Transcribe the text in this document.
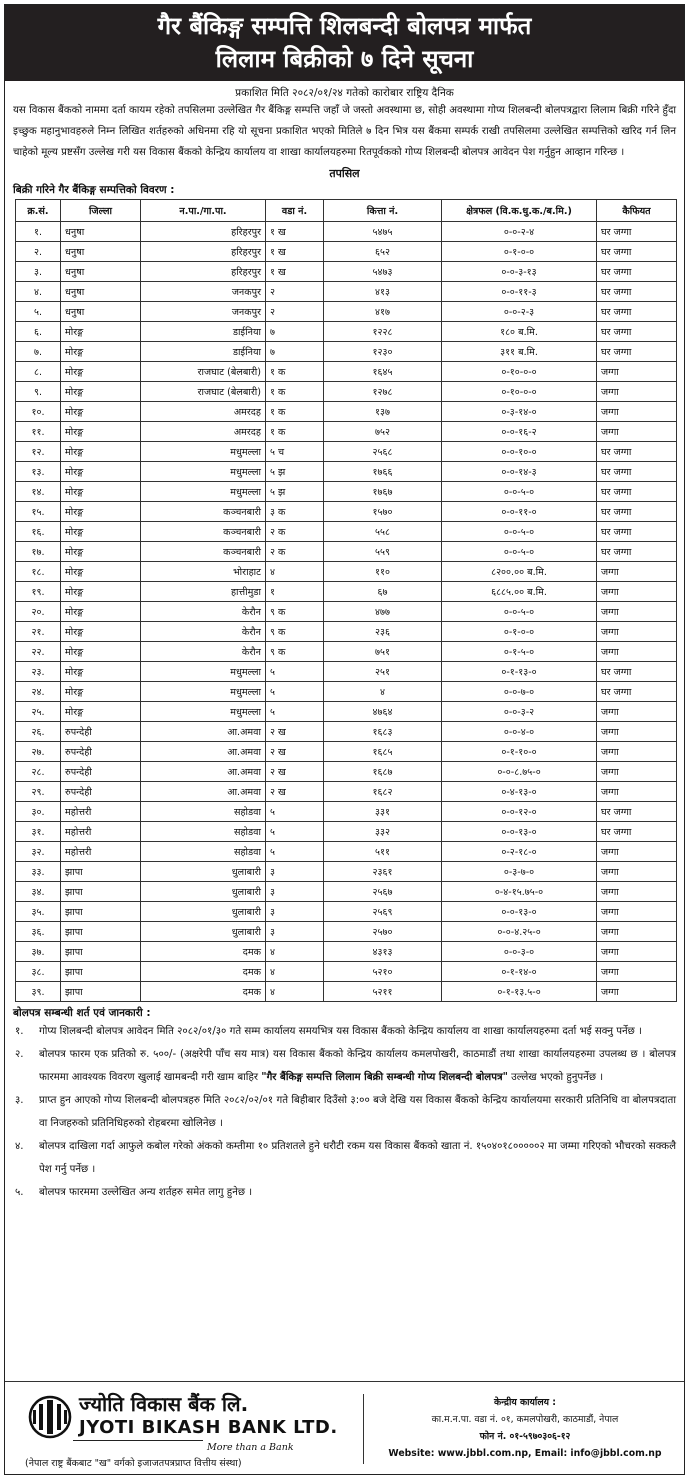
गैर बैंकिङ्ग सम्पत्ति शिलबन्दी बोलपत्र मार्फत
लिलाम बिक्रीको ७ दिने सूचना
प्रकाशित मिति २०८२/०१/२४ गतेको कारोबार राष्ट्रिय दैनिक
यस विकास बैंकको नाममा दर्ता कायम रहेको तपसिलमा उल्लेखित गैर बैंकिङ्ग सम्पत्ति जहाँ जे जस्तो अवस्थामा छ, सोही अवस्थामा गोप्य शिलबन्दी बोलपत्रद्वारा लिलाम बिक्री गरिने हुँदा इच्छुक महानुभावहरुले निम्न लिखित शर्तहरुको अधिनमा रहि यो सूचना प्रकाशित भएको मितिले ७ दिन भित्र यस बैंकमा सम्पर्क राखी तपसिलमा उल्लेखित सम्पत्तिको खरिद गर्न लिन चाहेको मूल्य प्रष्टसँग उल्लेख गरी यस विकास बैंकको केन्द्रिय कार्यालय वा शाखा कार्यालयहरुमा रितपूर्वकको गोप्य शिलबन्दी बोलपत्र आवेदन पेश गर्नुहुन आव्हान गरिन्छ ।
तपसिल
बिक्री गरिने गैर बैंकिङ्ग सम्पत्तिको विवरण :
क्र.सं.	जिल्ला	न.पा./गा.पा.	वडा नं.	कित्ता नं.	क्षेत्रफल (वि.क.धु.क./ब.मि.)	कैफियत
१.	धनुषा	हरिहरपुर	१ ख	५४७५	०-०-२-४	घर जग्गा
२.	धनुषा	हरिहरपुर	१ ख	६५२	०-१-०-०	घर जग्गा
३.	धनुषा	हरिहरपुर	१ ख	५४७३	०-०-३-१३	घर जग्गा
४.	धनुषा	जनकपुर	२	४१३	०-०-११-३	घर जग्गा
५.	धनुषा	जनकपुर	२	४१७	०-०-२-३	घर जग्गा
६.	मोरङ्ग	डाईनिया	७	१२२८	१८० ब.मि.	घर जग्गा
७.	मोरङ्ग	डाईनिया	७	१२३०	३११ ब.मि.	घर जग्गा
८.	मोरङ्ग	राजघाट (बेलबारी)	१ क	१६४५	०-१०-०-०	जग्गा
९.	मोरङ्ग	राजघाट (बेलबारी)	१ क	१२७८	०-१०-०-०	जग्गा
१०.	मोरङ्ग	अमरदह	१ क	१३७	०-३-१४-०	जग्गा
११.	मोरङ्ग	अमरदह	१ क	७५२	०-०-१६-२	जग्गा
१२.	मोरङ्ग	मधुमल्ला	५ च	२५६८	०-०-१०-०	घर जग्गा
१३.	मोरङ्ग	मधुमल्ला	५ झ	१७६६	०-०-१४-३	घर जग्गा
१४.	मोरङ्ग	मधुमल्ला	५ झ	१७६७	०-०-५-०	घर जग्गा
१५.	मोरङ्ग	कञ्चनबारी	३ क	१५७०	०-०-११-०	घर जग्गा
१६.	मोरङ्ग	कञ्चनबारी	२ क	५५८	०-०-५-०	घर जग्गा
१७.	मोरङ्ग	कञ्चनबारी	२ क	५५९	०-०-५-०	घर जग्गा
१८.	मोरङ्ग	भोराहाट	४	११०	८२००.०० ब.मि.	जग्गा
१९.	मोरङ्ग	हात्तीमुडा	१	६७	६८८५.०० ब.मि.	जग्गा
२०.	मोरङ्ग	केरौन	९ क	४७७	०-०-५-०	जग्गा
२१.	मोरङ्ग	केरौन	९ क	२३६	०-१-०-०	जग्गा
२२.	मोरङ्ग	केरौन	९ क	७५१	०-१-५-०	जग्गा
२३.	मोरङ्ग	मधुमल्ला	५	२५१	०-१-१३-०	घर जग्गा
२४.	मोरङ्ग	मधुमल्ला	५	४	०-०-७-०	घर जग्गा
२५.	मोरङ्ग	मधुमल्ला	५	४७६४	०-०-३-२	जग्गा
२६.	रुपन्देही	आ.अमवा	२ ख	१६८३	०-०-४-०	जग्गा
२७.	रुपन्देही	आ.अमवा	२ ख	१६८५	०-१-१०-०	जग्गा
२८.	रुपन्देही	आ.अमवा	२ ख	१६८७	०-०-८.७५-०	जग्गा
२९.	रुपन्देही	आ.अमवा	२ ख	१६८२	०-४-१३-०	जग्गा
३०.	महोत्तरी	सहोडवा	५	३३१	०-०-१२-०	घर जग्गा
३१.	महोत्तरी	सहोडवा	५	३३२	०-०-१३-०	घर जग्गा
३२.	महोत्तरी	सहोडवा	५	५११	०-२-१८-०	जग्गा
३३.	झापा	धुलाबारी	३	२३६१	०-३-७-०	जग्गा
३४.	झापा	धुलाबारी	३	२५६७	०-४-१५.७५-०	जग्गा
३५.	झापा	धुलाबारी	३	२५६९	०-०-१३-०	जग्गा
३६.	झापा	धुलाबारी	३	२५७०	०-०-४.२५-०	जग्गा
३७.	झापा	दमक	४	४३१३	०-०-३-०	जग्गा
३८.	झापा	दमक	४	५२१०	०-१-१४-०	जग्गा
३९.	झापा	दमक	४	५२११	०-१-१३.५-०	जग्गा
बोलपत्र सम्बन्धी शर्त एवं जानकारी :
१.	गोप्य शिलबन्दी बोलपत्र आवेदन मिति २०८२/०१/३० गते सम्म कार्यालय समयभित्र यस विकास बैंकको केन्द्रिय कार्यालय वा शाखा कार्यालयहरुमा दर्ता भई सक्नु पर्नेछ ।
२.	बोलपत्र फारम एक प्रतिको रु. ५००/- (अक्षरेपी पाँच सय मात्र) यस विकास बैंकको केन्द्रिय कार्यालय कमलपोखरी, काठमाडौं तथा शाखा कार्यालयहरुमा उपलब्ध छ । बोलपत्र फारममा आवश्यक विवरण खुलाई खामबन्दी गरी खाम बाहिर "गैर बैंकिङ्ग सम्पत्ति लिलाम बिक्री सम्बन्धी गोप्य शिलबन्दी बोलपत्र" उल्लेख भएको हुनुपर्नेछ ।
३.	प्राप्त हुन आएको गोप्य शिलबन्दी बोलपत्रहरु मिति २०८२/०२/०१ गते बिहीबार दिउँसो ३:०० बजे देखि यस विकास बैंकको केन्द्रिय कार्यालयमा सरकारी प्रतिनिधि वा बोलपत्रदाता वा निजहरुको प्रतिनिधिहरुको रोहबरमा खोलिनेछ ।
४.	बोलपत्र दाखिला गर्दा आफुले कबोल गरेको अंकको कम्तीमा १० प्रतिशतले हुने धरौटी रकम यस विकास बैंकको खाता नं. १५०४०१८०००००२ मा जम्मा गरिएको भौचरको सक्कलै पेश गर्नु पर्नेछ ।
५.	बोलपत्र फारममा उल्लेखित अन्य शर्तहरु समेत लागु हुनेछ ।
ज्योति विकास बैंक लि.
JYOTI BIKASH BANK LTD.
More than a Bank
(नेपाल राष्ट्र बैंकबाट "ख" वर्गको इजाजतपत्रप्राप्त वित्तीय संस्था)
केन्द्रीय कार्यालय :
का.म.न.पा. वडा नं. ०१, कमलपोखरी, काठमाडौं, नेपाल
फोन नं. ०१-५९७०३०६-१२
Website: www.jbbl.com.np, Email: info@jbbl.com.np
